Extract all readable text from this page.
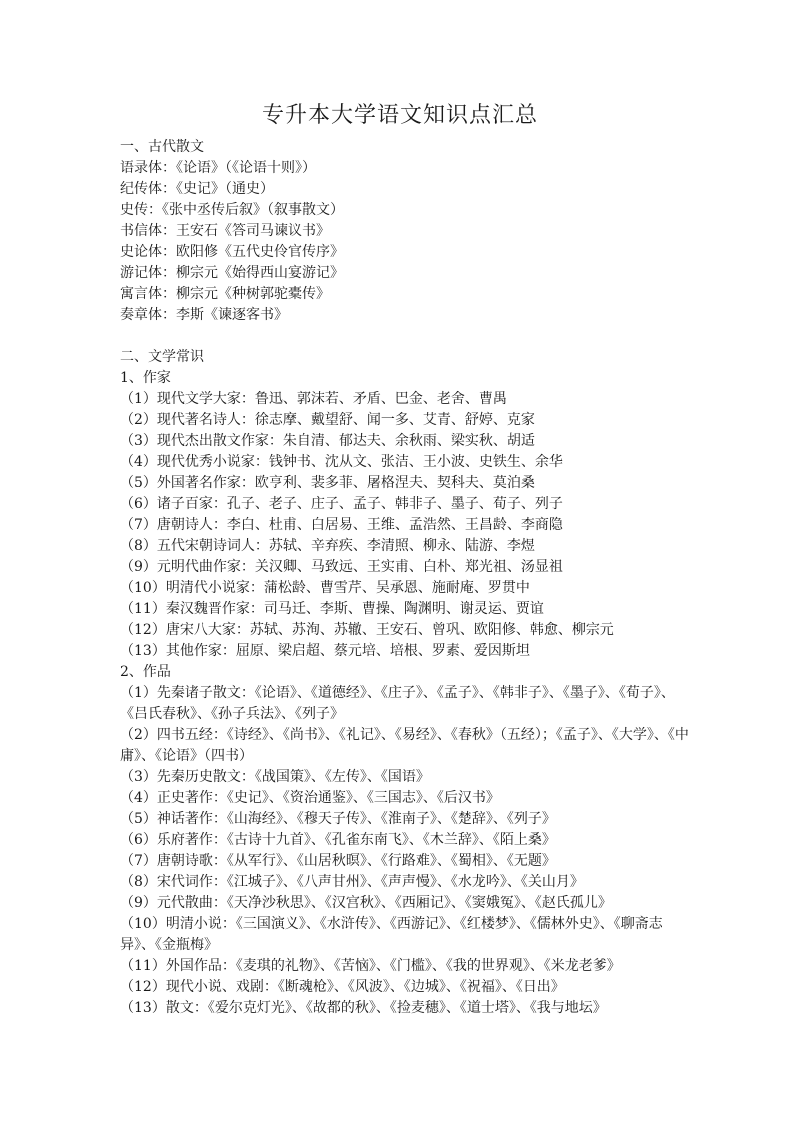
专升本大学语文知识点汇总
一、古代散文
语录体：《论语》（《论语十则》）
纪传体：《史记》（通史）
史传：《张中丞传后叙》（叙事散文）
书信体：王安石《答司马谏议书》
史论体：欧阳修《五代史伶官传序》
游记体：柳宗元《始得西山宴游记》
寓言体：柳宗元《种树郭驼橐传》
奏章体：李斯《谏逐客书》
二、文学常识
1、作家
（1）现代文学大家：鲁迅、郭沫若、矛盾、巴金、老舍、曹禺
（2）现代著名诗人：徐志摩、戴望舒、闻一多、艾青、舒婷、克家
（3）现代杰出散文作家：朱自清、郁达夫、余秋雨、梁实秋、胡适
（4）现代优秀小说家：钱钟书、沈从文、张洁、王小波、史铁生、余华
（5）外国著名作家：欧亨利、裴多菲、屠格涅夫、契科夫、莫泊桑
（6）诸子百家：孔子、老子、庄子、孟子、韩非子、墨子、荀子、列子
（7）唐朝诗人：李白、杜甫、白居易、王维、孟浩然、王昌龄、李商隐
（8）五代宋朝诗词人：苏轼、辛弃疾、李清照、柳永、陆游、李煜
（9）元明代曲作家：关汉卿、马致远、王实甫、白朴、郑光祖、汤显祖
（10）明清代小说家：蒲松龄、曹雪芹、吴承恩、施耐庵、罗贯中
（11）秦汉魏晋作家：司马迁、李斯、曹操、陶渊明、谢灵运、贾谊
（12）唐宋八大家：苏轼、苏洵、苏辙、王安石、曾巩、欧阳修、韩愈、柳宗元
（13）其他作家：屈原、梁启超、蔡元培、培根、罗素、爱因斯坦
2、作品
（1）先秦诸子散文：《论语》、《道德经》、《庄子》、《孟子》、《韩非子》、《墨子》、《荀子》、《吕氏春秋》、《孙子兵法》、《列子》
（2）四书五经：《诗经》、《尚书》、《礼记》、《易经》、《春秋》（五经）；《孟子》、《大学》、《中庸》、《论语》（四书）
（3）先秦历史散文：《战国策》、《左传》、《国语》
（4）正史著作：《史记》、《资治通鉴》、《三国志》、《后汉书》
（5）神话著作：《山海经》、《穆天子传》、《淮南子》、《楚辞》、《列子》
（6）乐府著作：《古诗十九首》、《孔雀东南飞》、《木兰辞》、《陌上桑》
（7）唐朝诗歌：《从军行》、《山居秋暝》、《行路难》、《蜀相》、《无题》
（8）宋代词作：《江城子》、《八声甘州》、《声声慢》、《水龙吟》、《关山月》
（9）元代散曲：《天净沙秋思》、《汉宫秋》、《西厢记》、《窦娥冤》、《赵氏孤儿》
（10）明清小说：《三国演义》、《水浒传》、《西游记》、《红楼梦》、《儒林外史》、《聊斋志异》、《金瓶梅》
（11）外国作品：《麦琪的礼物》、《苦恼》、《门槛》、《我的世界观》、《米龙老爹》
（12）现代小说、戏剧：《断魂枪》、《风波》、《边城》、《祝福》、《日出》
（13）散文：《爱尔克灯光》、《故都的秋》、《捡麦穗》、《道士塔》、《我与地坛》
